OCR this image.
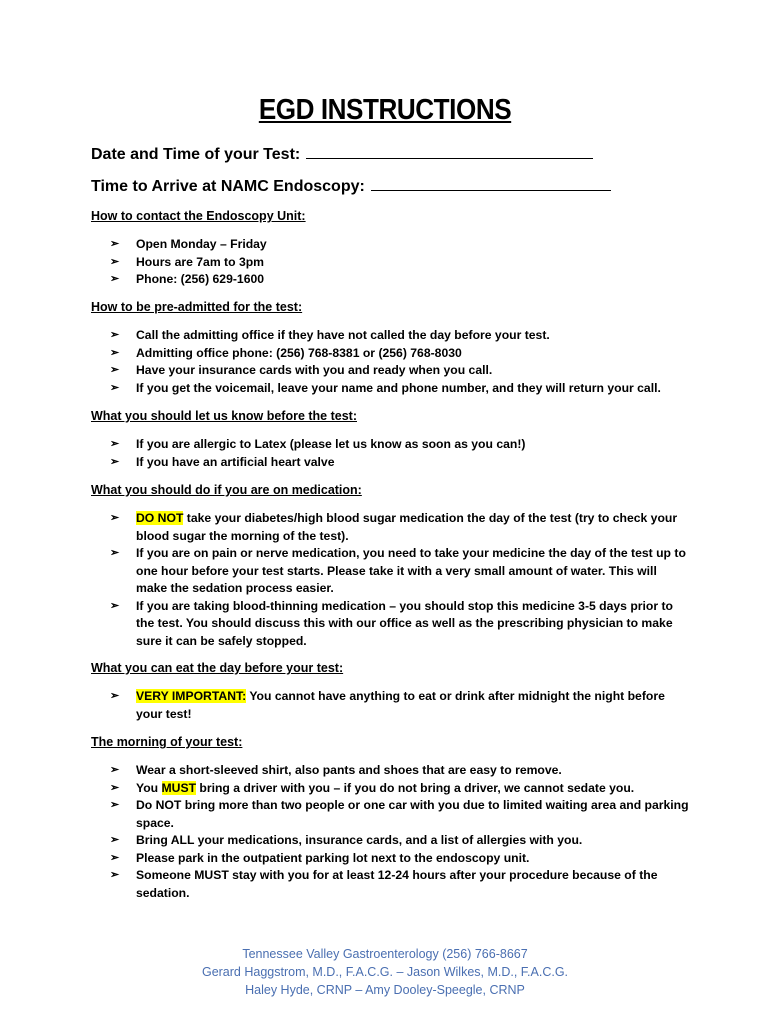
EGD INSTRUCTIONS
Date and Time of your Test:
Time to Arrive at NAMC Endoscopy:
How to contact the Endoscopy Unit:
➢ Open Monday – Friday
➢ Hours are 7am to 3pm
➢ Phone: (256) 629-1600
How to be pre-admitted for the test:
➢ Call the admitting office if they have not called the day before your test.
➢ Admitting office phone: (256) 768-8381 or (256) 768-8030
➢ Have your insurance cards with you and ready when you call.
➢ If you get the voicemail, leave your name and phone number, and they will return your call.
What you should let us know before the test:
➢ If you are allergic to Latex (please let us know as soon as you can!)
➢ If you have an artificial heart valve
What you should do if you are on medication:
➢ DO NOT take your diabetes/high blood sugar medication the day of the test (try to check your blood sugar the morning of the test).
➢ If you are on pain or nerve medication, you need to take your medicine the day of the test up to one hour before your test starts. Please take it with a very small amount of water. This will make the sedation process easier.
➢ If you are taking blood-thinning medication – you should stop this medicine 3-5 days prior to the test. You should discuss this with our office as well as the prescribing physician to make sure it can be safely stopped.
What you can eat the day before your test:
➢ VERY IMPORTANT: You cannot have anything to eat or drink after midnight the night before your test!
The morning of your test:
➢ Wear a short-sleeved shirt, also pants and shoes that are easy to remove.
➢ You MUST bring a driver with you – if you do not bring a driver, we cannot sedate you.
➢ Do NOT bring more than two people or one car with you due to limited waiting area and parking space.
➢ Bring ALL your medications, insurance cards, and a list of allergies with you.
➢ Please park in the outpatient parking lot next to the endoscopy unit.
➢ Someone MUST stay with you for at least 12-24 hours after your procedure because of the sedation.
Tennessee Valley Gastroenterology (256) 766-8667
Gerard Haggstrom, M.D., F.A.C.G. – Jason Wilkes, M.D., F.A.C.G.
Haley Hyde, CRNP – Amy Dooley-Speegle, CRNP
